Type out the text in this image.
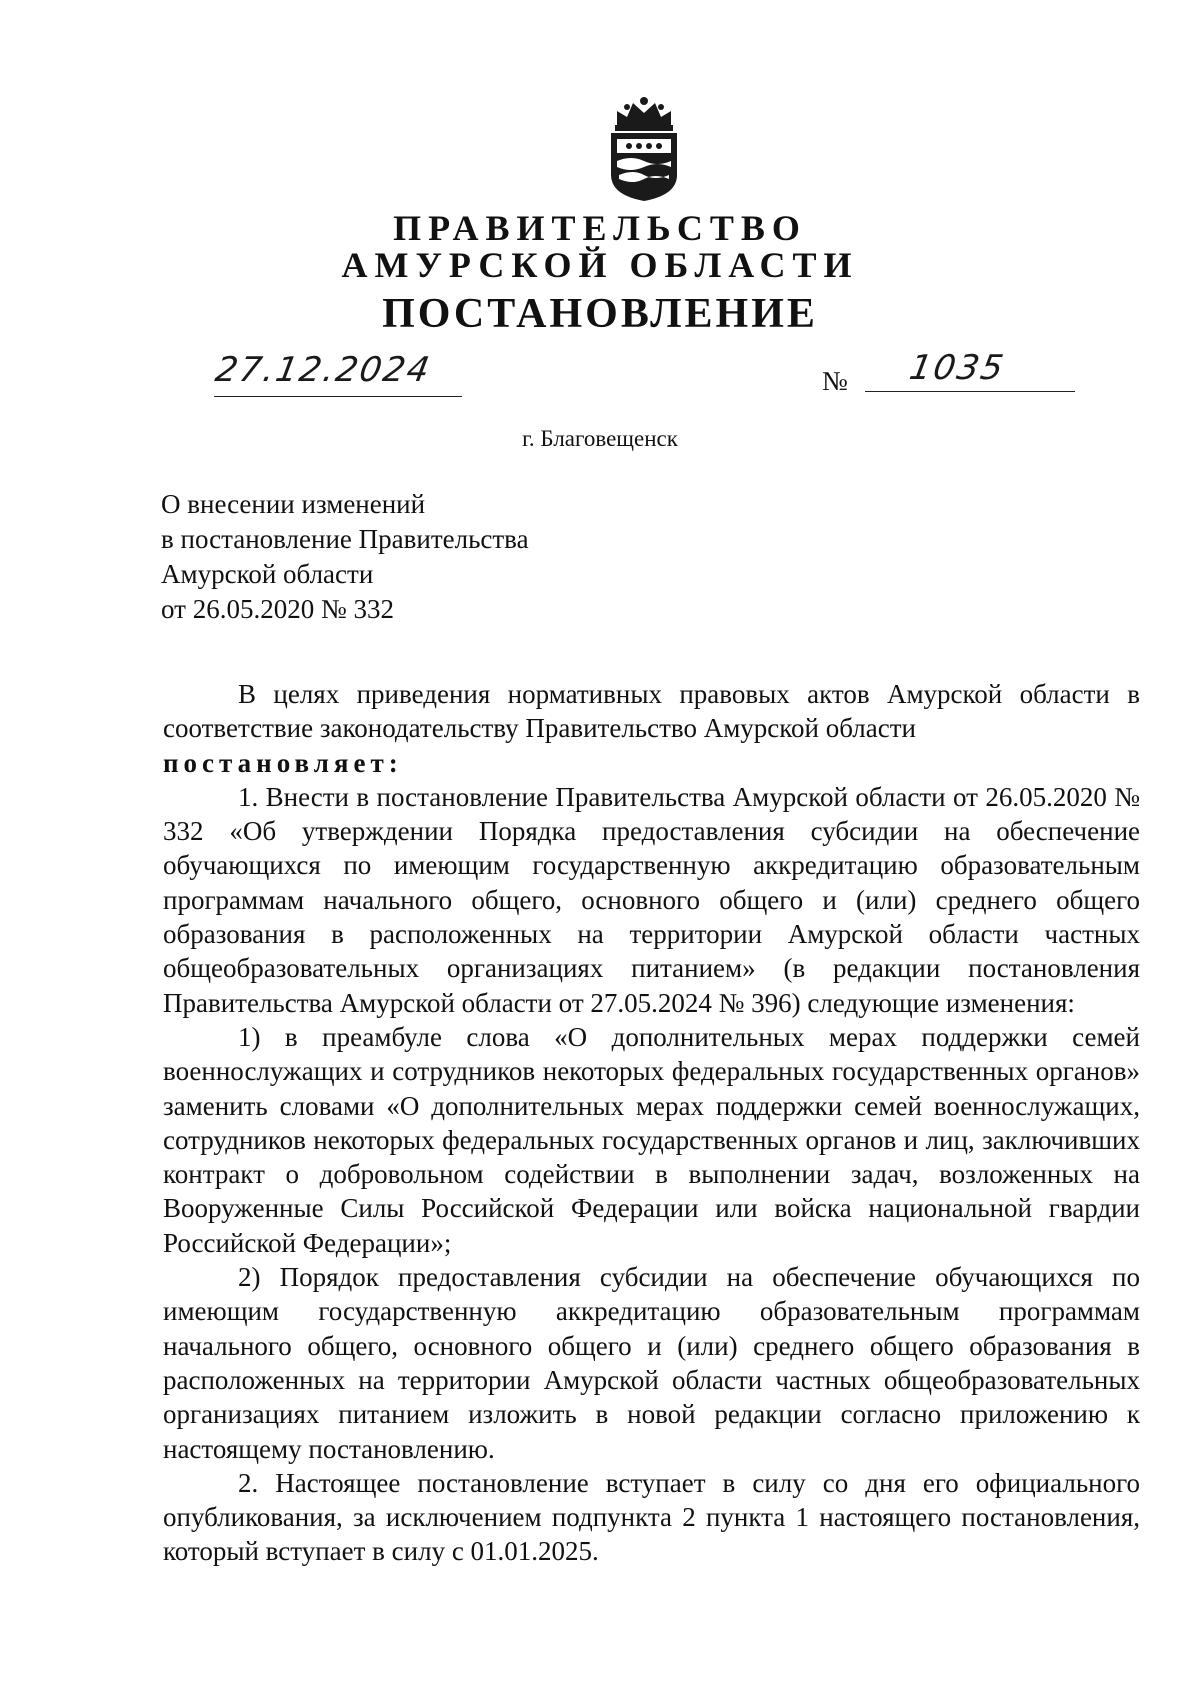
ПРАВИТЕЛЬСТВО
АМУРСКОЙ ОБЛАСТИ
ПОСТАНОВЛЕНИЕ
27.12.2024	№ 1035
г. Благовещенск
О внесении изменений
в постановление Правительства
Амурской области
от 26.05.2020 № 332

В целях приведения нормативных правовых актов Амурской области в соответствие законодательству Правительство Амурской области

постановляет:

1. Внести в постановление Правительства Амурской области от 26.05.2020 № 332 «Об утверждении Порядка предоставления субсидии на обеспечение обучающихся по имеющим государственную аккредитацию образовательным программам начального общего, основного общего и (или) среднего общего образования в расположенных на территории Амурской области частных общеобразовательных организациях питанием» (в редакции постановления Правительства Амурской области от 27.05.2024 № 396) следующие изменения:

1) в преамбуле слова «О дополнительных мерах поддержки семей военнослужащих и сотрудников некоторых федеральных государственных органов» заменить словами «О дополнительных мерах поддержки семей военнослужащих, сотрудников некоторых федеральных государственных органов и лиц, заключивших контракт о добровольном содействии в выполнении задач, возложенных на Вооруженные Силы Российской Федерации или войска национальной гвардии Российской Федерации»;

2) Порядок предоставления субсидии на обеспечение обучающихся по имеющим государственную аккредитацию образовательным программам начального общего, основного общего и (или) среднего общего образования в расположенных на территории Амурской области частных общеобразовательных организациях питанием изложить в новой редакции согласно приложению к настоящему постановлению.

2. Настоящее постановление вступает в силу со дня его официального опубликования, за исключением подпункта 2 пункта 1 настоящего постановления, который вступает в силу с 01.01.2025.
